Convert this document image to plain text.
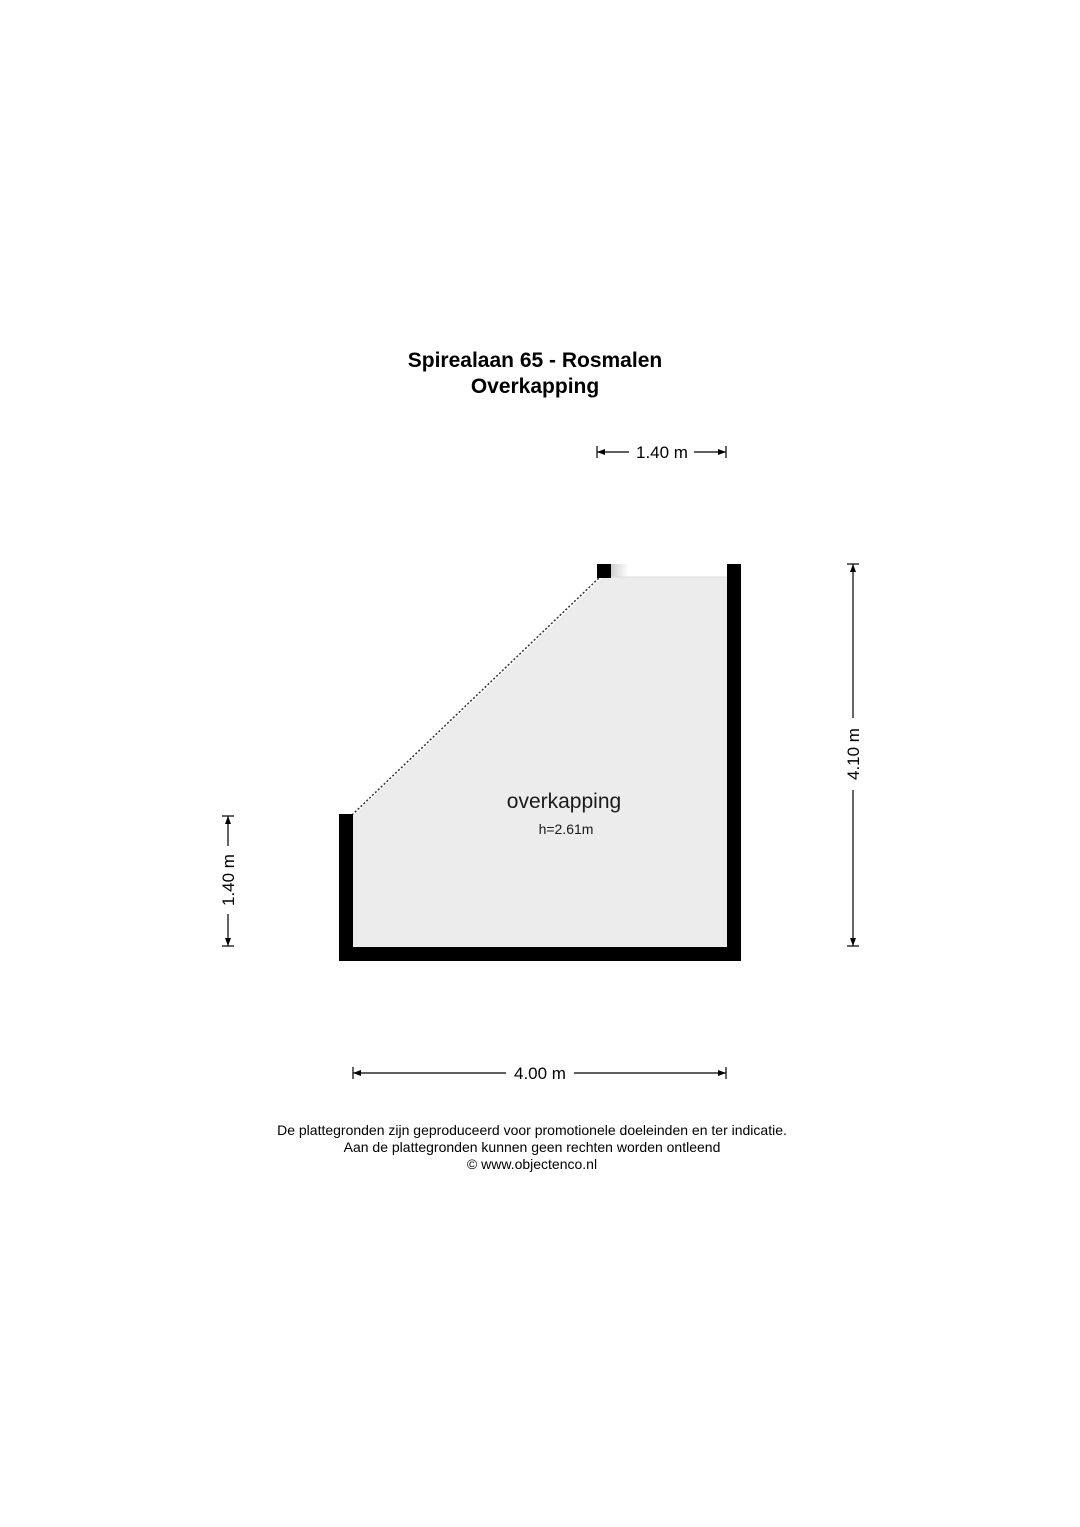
Spirealaan 65 - Rosmalen
Overkapping
overkapping
h=2.61m
1.40 m
4.10 m
1.40 m
4.00 m
De plattegronden zijn geproduceerd voor promotionele doeleinden en ter indicatie.
Aan de plattegronden kunnen geen rechten worden ontleend
© www.objectenco.nl
